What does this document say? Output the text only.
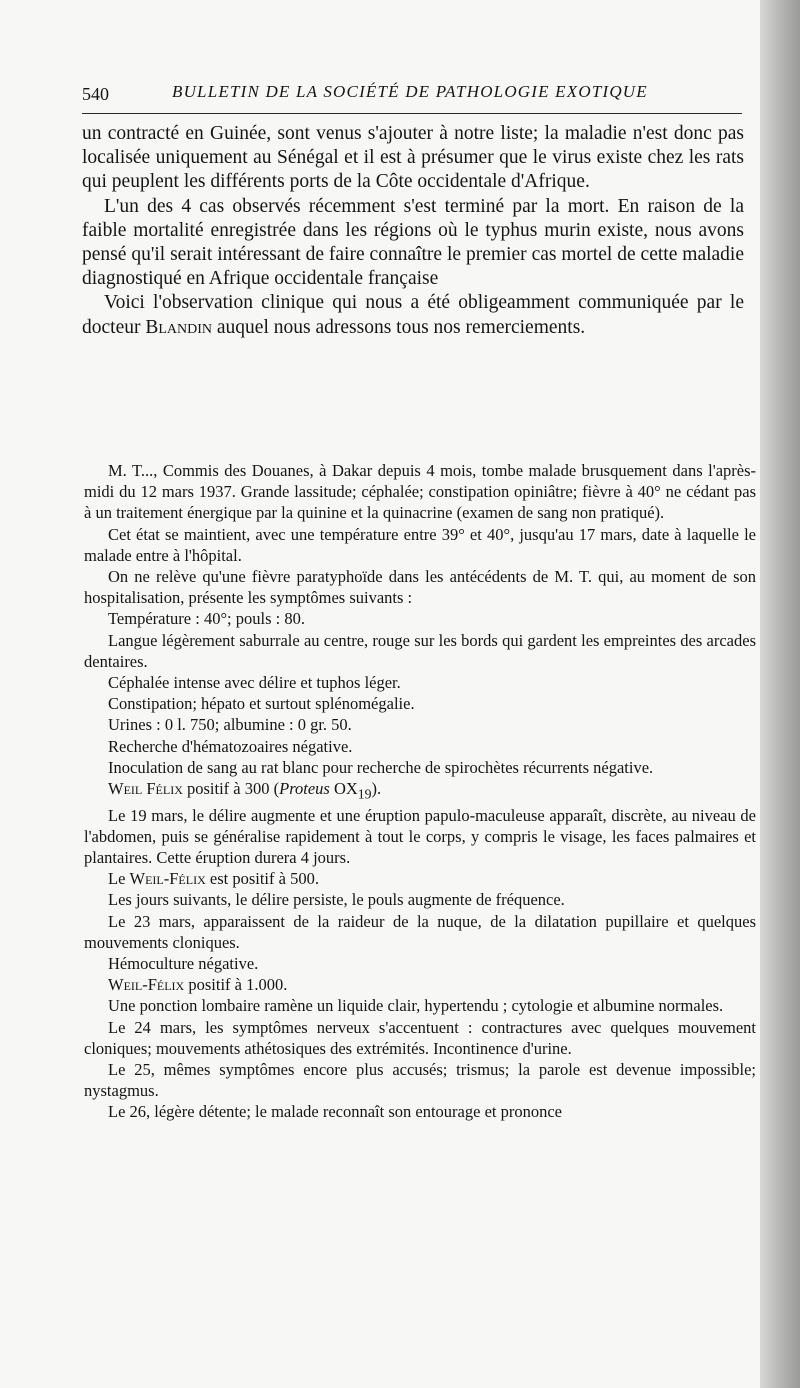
540	BULLETIN DE LA SOCIÉTÉ DE PATHOLOGIE EXOTIQUE

un contracté en Guinée, sont venus s'ajouter à notre liste; la maladie n'est donc pas localisée uniquement au Sénégal et il est à présumer que le virus existe chez les rats qui peuplent les différents ports de la Côte occidentale d'Afrique.

L'un des 4 cas observés récemment s'est terminé par la mort. En raison de la faible mortalité enregistrée dans les régions où le typhus murin existe, nous avons pensé qu'il serait intéressant de faire connaître le premier cas mortel de cette maladie diagnostiqué en Afrique occidentale française

Voici l'observation clinique qui nous a été obligeamment communiquée par le docteur Blandin auquel nous adressons tous nos remerciements.

M. T..., Commis des Douanes, à Dakar depuis 4 mois, tombe malade brusquement dans l'après-midi du 12 mars 1937. Grande lassitude; céphalée; constipation opiniâtre; fièvre à 40° ne cédant pas à un traitement énergique par la quinine et la quinacrine (examen de sang non pratiqué).

Cet état se maintient, avec une température entre 39° et 40°, jusqu'au 17 mars, date à laquelle le malade entre à l'hôpital.

On ne relève qu'une fièvre paratyphoïde dans les antécédents de M. T. qui, au moment de son hospitalisation, présente les symptômes suivants :

Température : 40°; pouls : 80.

Langue légèrement saburrale au centre, rouge sur les bords qui gardent les empreintes des arcades dentaires.

Céphalée intense avec délire et tuphos léger.

Constipation; hépato et surtout splénomégalie.

Urines : 0 l. 750; albumine : 0 gr. 50.

Recherche d'hématozoaires négative.

Inoculation de sang au rat blanc pour recherche de spirochètes récurrents négative.

Weil Félix positif à 300 (Proteus $OX_{19}$).

Le 19 mars, le délire augmente et une éruption papulo-maculeuse apparaît, discrète, au niveau de l'abdomen, puis se généralise rapidement à tout le corps, y compris le visage, les faces palmaires et plantaires. Cette éruption durera 4 jours.

Le Weil-Félix est positif à 500.

Les jours suivants, le délire persiste, le pouls augmente de fréquence.

Le 23 mars, apparaissent de la raideur de la nuque, de la dilatation pupillaire et quelques mouvements cloniques.

Hémoculture négative.

Weil-Félix positif à 1.000.

Une ponction lombaire ramène un liquide clair, hypertendu ; cytologie et albumine normales.

Le 24 mars, les symptômes nerveux s'accentuent : contractures avec quelques mouvement cloniques; mouvements athétosiques des extrémités. Incontinence d'urine.

Le 25, mêmes symptômes encore plus accusés; trismus; la parole est devenue impossible; nystagmus.

Le 26, légère détente; le malade reconnaît son entourage et prononce
